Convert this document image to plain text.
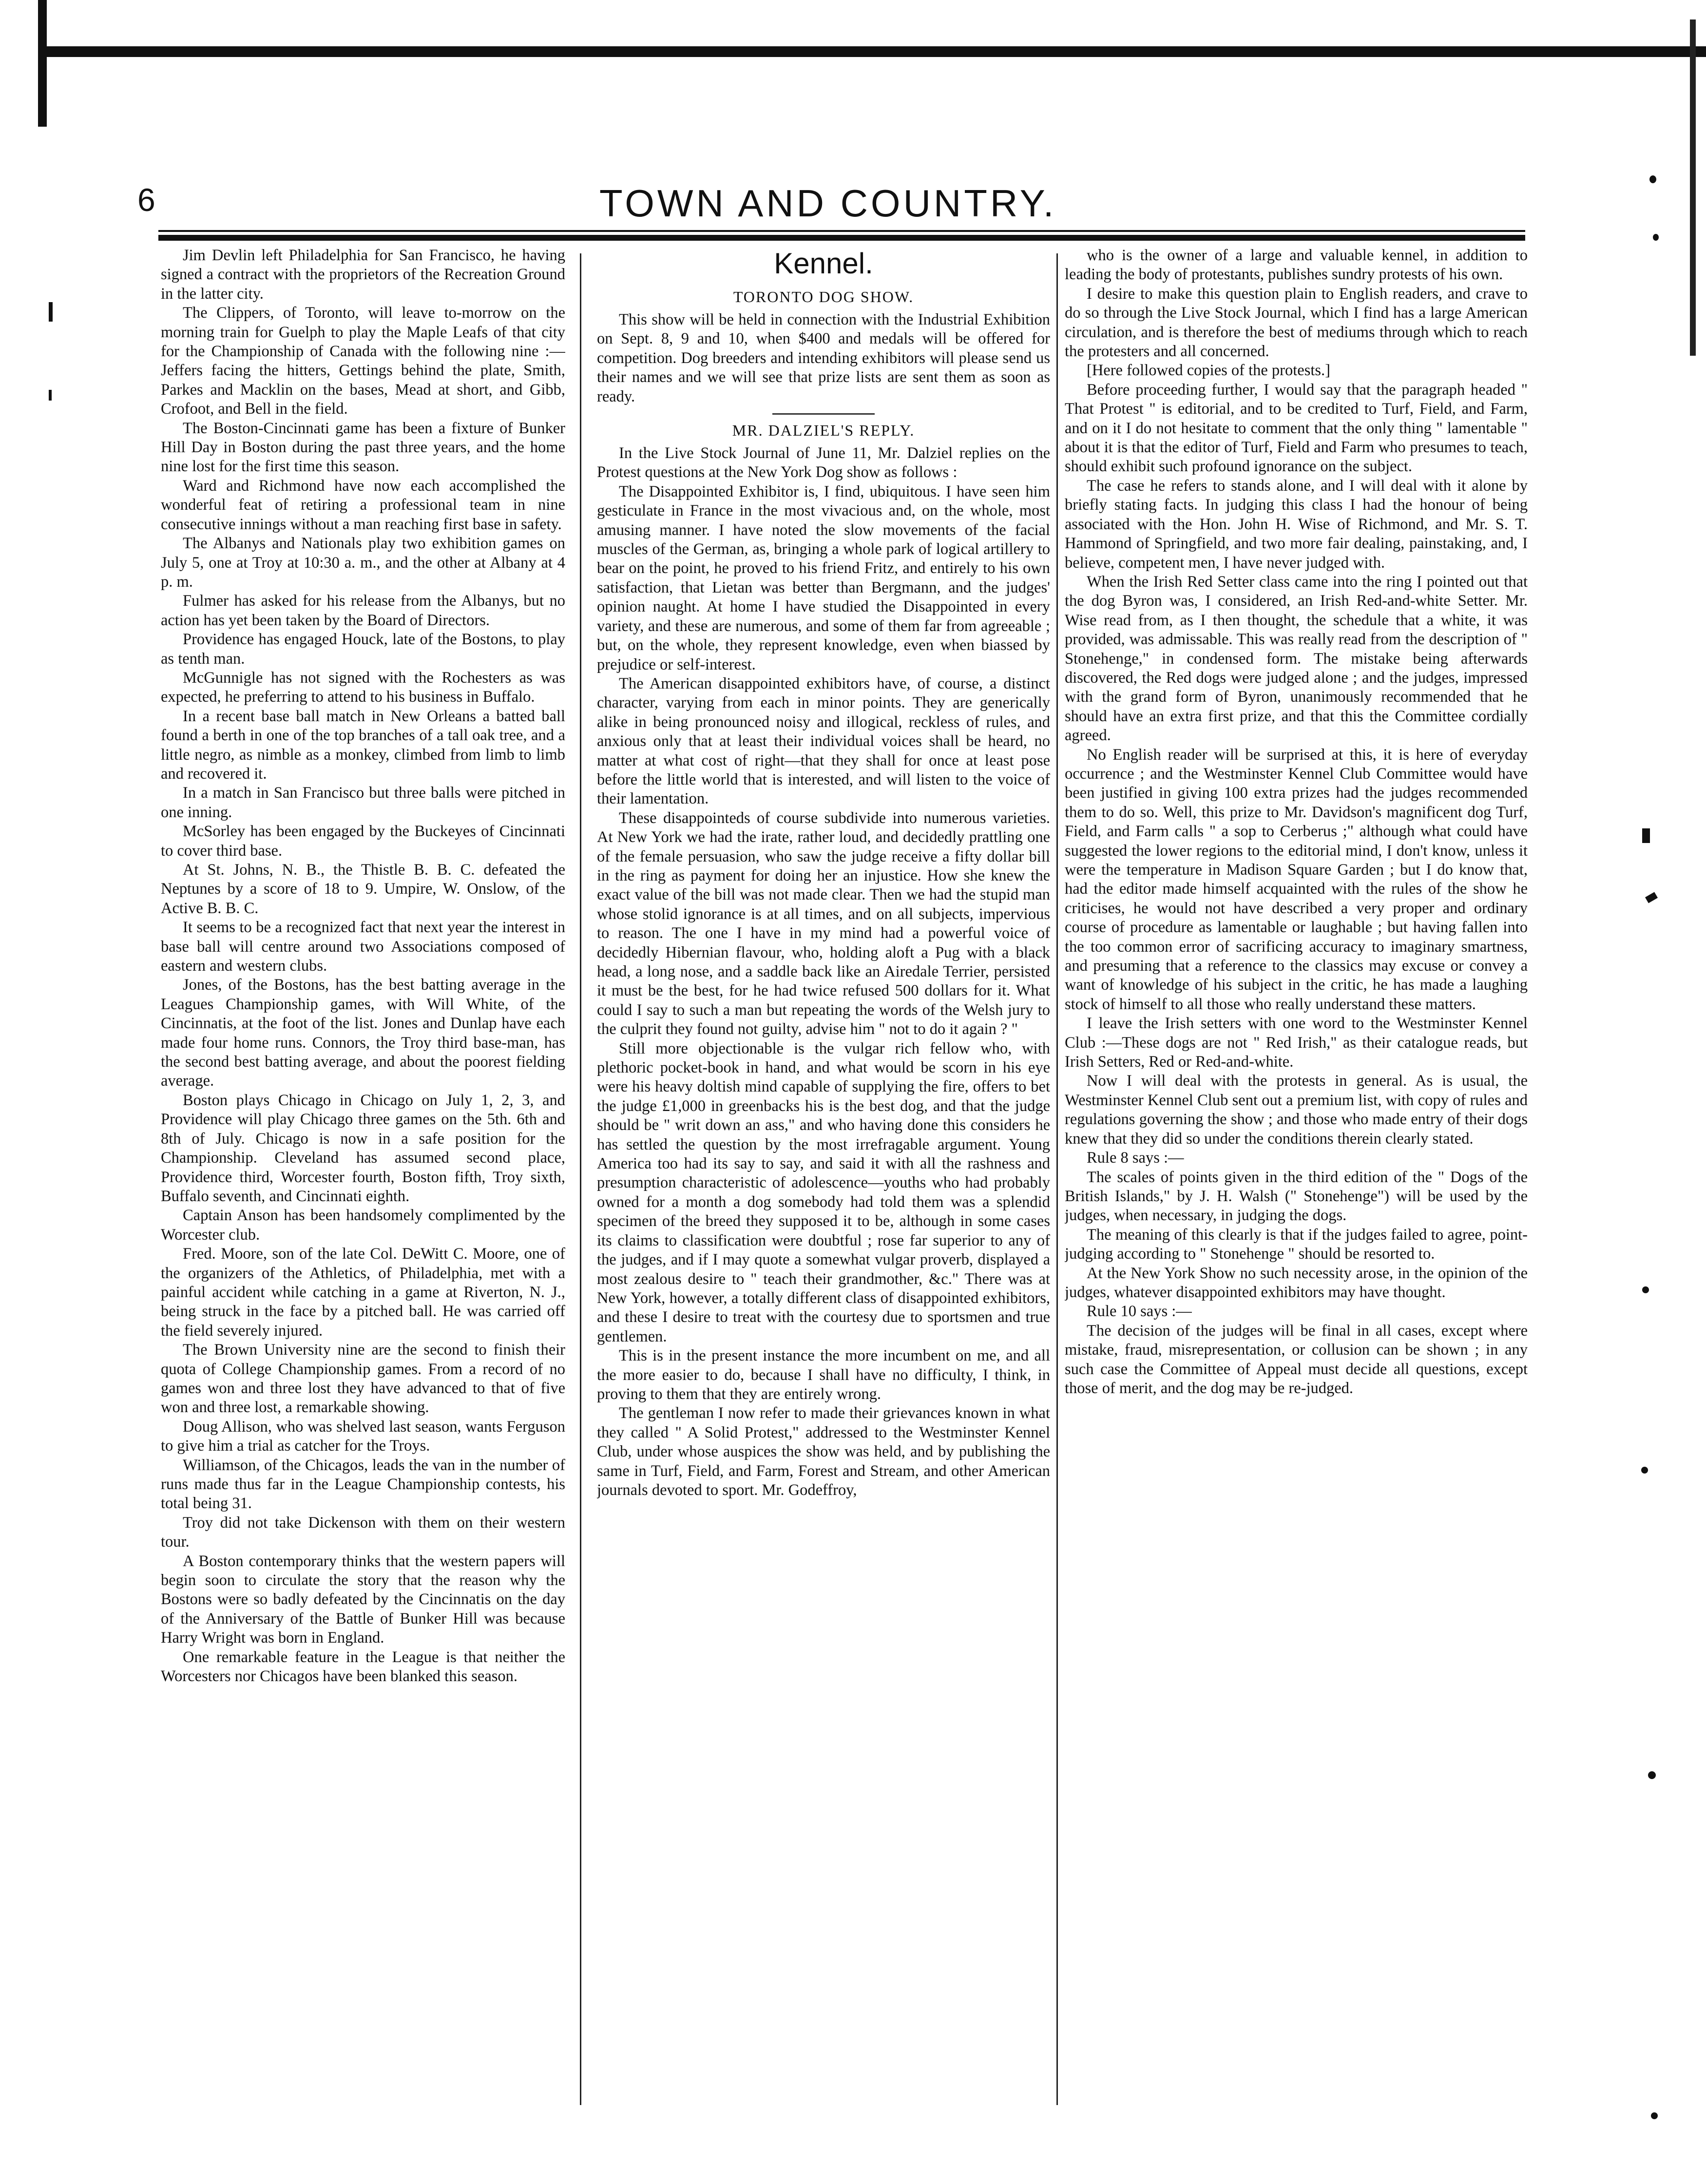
6	TOWN AND COUNTRY.

Jim Devlin left Philadelphia for San Francisco, he having signed a contract with the proprietors of the Recreation Ground in the latter city.

The Clippers, of Toronto, will leave to-morrow on the morning train for Guelph to play the Maple Leafs of that city for the Championship of Canada with the following nine :—Jeffers facing the hitters, Gettings behind the plate, Smith, Parkes and Macklin on the bases, Mead at short, and Gibb, Crofoot, and Bell in the field.

The Boston-Cincinnati game has been a fixture of Bunker Hill Day in Boston during the past three years, and the home nine lost for the first time this season.

Ward and Richmond have now each accomplished the wonderful feat of retiring a professional team in nine consecutive innings without a man reaching first base in safety.

The Albanys and Nationals play two exhibition games on July 5, one at Troy at 10:30 a. m., and the other at Albany at 4 p. m.

Fulmer has asked for his release from the Albanys, but no action has yet been taken by the Board of Directors.

Providence has engaged Houck, late of the Bostons, to play as tenth man.

McGunnigle has not signed with the Rochesters as was expected, he preferring to attend to his business in Buffalo.

In a recent base ball match in New Orleans a batted ball found a berth in one of the top branches of a tall oak tree, and a little negro, as nimble as a monkey, climbed from limb to limb and recovered it.

In a match in San Francisco but three balls were pitched in one inning.

McSorley has been engaged by the Buckeyes of Cincinnati to cover third base.

At St. Johns, N. B., the Thistle B. B. C. defeated the Neptunes by a score of 18 to 9. Umpire, W. Onslow, of the Active B. B. C.

It seems to be a recognized fact that next year the interest in base ball will centre around two Associations composed of eastern and western clubs.

Jones, of the Bostons, has the best batting average in the Leagues Championship games, with Will White, of the Cincinnatis, at the foot of the list. Jones and Dunlap have each made four home runs. Connors, the Troy third base-man, has the second best batting average, and about the poorest fielding average.

Boston plays Chicago in Chicago on July 1, 2, 3, and Providence will play Chicago three games on the 5th. 6th and 8th of July. Chicago is now in a safe position for the Championship. Cleveland has assumed second place, Providence third, Worcester fourth, Boston fifth, Troy sixth, Buffalo seventh, and Cincinnati eighth.

Captain Anson has been handsomely complimented by the Worcester club.

Fred. Moore, son of the late Col. DeWitt C. Moore, one of the organizers of the Athletics, of Philadelphia, met with a painful accident while catching in a game at Riverton, N. J., being struck in the face by a pitched ball. He was carried off the field severely injured.

The Brown University nine are the second to finish their quota of College Championship games. From a record of no games won and three lost they have advanced to that of five won and three lost, a remarkable showing.

Doug Allison, who was shelved last season, wants Ferguson to give him a trial as catcher for the Troys.

Williamson, of the Chicagos, leads the van in the number of runs made thus far in the League Championship contests, his total being 31.

Troy did not take Dickenson with them on their western tour.

A Boston contemporary thinks that the western papers will begin soon to circulate the story that the reason why the Bostons were so badly defeated by the Cincinnatis on the day of the Anniversary of the Battle of Bunker Hill was because Harry Wright was born in England.

One remarkable feature in the League is that neither the Worcesters nor Chicagos have been blanked this season.

Kennel.
TORONTO DOG SHOW.

This show will be held in connection with the Industrial Exhibition on Sept. 8, 9 and 10, when $400 and medals will be offered for competition. Dog breeders and intending exhibitors will please send us their names and we will see that prize lists are sent them as soon as ready.

MR. DALZIEL'S REPLY.

In the Live Stock Journal of June 11, Mr. Dalziel replies on the Protest questions at the New York Dog show as follows :

The Disappointed Exhibitor is, I find, ubiquitous. I have seen him gesticulate in France in the most vivacious and, on the whole, most amusing manner. I have noted the slow movements of the facial muscles of the German, as, bringing a whole park of logical artillery to bear on the point, he proved to his friend Fritz, and entirely to his own satisfaction, that Lietan was better than Bergmann, and the judges' opinion naught. At home I have studied the Disappointed in every variety, and these are numerous, and some of them far from agreeable ; but, on the whole, they represent knowledge, even when biassed by prejudice or self-interest.

The American disappointed exhibitors have, of course, a distinct character, varying from each in minor points. They are generically alike in being pronounced noisy and illogical, reckless of rules, and anxious only that at least their individual voices shall be heard, no matter at what cost of right—that they shall for once at least pose before the little world that is interested, and will listen to the voice of their lamentation.

These disappointeds of course subdivide into numerous varieties. At New York we had the irate, rather loud, and decidedly prattling one of the female persuasion, who saw the judge receive a fifty dollar bill in the ring as payment for doing her an injustice. How she knew the exact value of the bill was not made clear. Then we had the stupid man whose stolid ignorance is at all times, and on all subjects, impervious to reason. The one I have in my mind had a powerful voice of decidedly Hibernian flavour, who, holding aloft a Pug with a black head, a long nose, and a saddle back like an Airedale Terrier, persisted it must be the best, for he had twice refused 500 dollars for it. What could I say to such a man but repeating the words of the Welsh jury to the culprit they found not guilty, advise him " not to do it again ? "

Still more objectionable is the vulgar rich fellow who, with plethoric pocket-book in hand, and what would be scorn in his eye were his heavy doltish mind capable of supplying the fire, offers to bet the judge £1,000 in greenbacks his is the best dog, and that the judge should be " writ down an ass," and who having done this considers he has settled the question by the most irrefragable argument. Young America too had its say to say, and said it with all the rashness and presumption characteristic of adolescence—youths who had probably owned for a month a dog somebody had told them was a splendid specimen of the breed they supposed it to be, although in some cases its claims to classification were doubtful ; rose far superior to any of the judges, and if I may quote a somewhat vulgar proverb, displayed a most zealous desire to " teach their grandmother, &c." There was at New York, however, a totally different class of disappointed exhibitors, and these I desire to treat with the courtesy due to sportsmen and true gentlemen.

This is in the present instance the more incumbent on me, and all the more easier to do, because I shall have no difficulty, I think, in proving to them that they are entirely wrong.

The gentleman I now refer to made their grievances known in what they called " A Solid Protest," addressed to the Westminster Kennel Club, under whose auspices the show was held, and by publishing the same in Turf, Field, and Farm, Forest and Stream, and other American journals devoted to sport. Mr. Godeffroy,

who is the owner of a large and valuable kennel, in addition to leading the body of protestants, publishes sundry protests of his own.

I desire to make this question plain to English readers, and crave to do so through the Live Stock Journal, which I find has a large American circulation, and is therefore the best of mediums through which to reach the protesters and all concerned.

[Here followed copies of the protests.]

Before proceeding further, I would say that the paragraph headed " That Protest " is editorial, and to be credited to Turf, Field, and Farm, and on it I do not hesitate to comment that the only thing " lamentable " about it is that the editor of Turf, Field and Farm who presumes to teach, should exhibit such profound ignorance on the subject.

The case he refers to stands alone, and I will deal with it alone by briefly stating facts. In judging this class I had the honour of being associated with the Hon. John H. Wise of Richmond, and Mr. S. T. Hammond of Springfield, and two more fair dealing, painstaking, and, I believe, competent men, I have never judged with.

When the Irish Red Setter class came into the ring I pointed out that the dog Byron was, I considered, an Irish Red-and-white Setter. Mr. Wise read from, as I then thought, the schedule that a white, it was provided, was admissable. This was really read from the description of " Stonehenge," in condensed form. The mistake being afterwards discovered, the Red dogs were judged alone ; and the judges, impressed with the grand form of Byron, unanimously recommended that he should have an extra first prize, and that this the Committee cordially agreed.

No English reader will be surprised at this, it is here of everyday occurrence ; and the Westminster Kennel Club Committee would have been justified in giving 100 extra prizes had the judges recommended them to do so. Well, this prize to Mr. Davidson's magnificent dog Turf, Field, and Farm calls " a sop to Cerberus ;" although what could have suggested the lower regions to the editorial mind, I don't know, unless it were the temperature in Madison Square Garden ; but I do know that, had the editor made himself acquainted with the rules of the show he criticises, he would not have described a very proper and ordinary course of procedure as lamentable or laughable ; but having fallen into the too common error of sacrificing accuracy to imaginary smartness, and presuming that a reference to the classics may excuse or convey a want of knowledge of his subject in the critic, he has made a laughing stock of himself to all those who really understand these matters.

I leave the Irish setters with one word to the Westminster Kennel Club :—These dogs are not " Red Irish," as their catalogue reads, but Irish Setters, Red or Red-and-white.

Now I will deal with the protests in general. As is usual, the Westminster Kennel Club sent out a premium list, with copy of rules and regulations governing the show ; and those who made entry of their dogs knew that they did so under the conditions therein clearly stated.

Rule 8 says :—

The scales of points given in the third edition of the " Dogs of the British Islands," by J. H. Walsh (" Stonehenge") will be used by the judges, when necessary, in judging the dogs.

The meaning of this clearly is that if the judges failed to agree, point-judging according to " Stonehenge " should be resorted to.

At the New York Show no such necessity arose, in the opinion of the judges, whatever disappointed exhibitors may have thought.

Rule 10 says :—

The decision of the judges will be final in all cases, except where mistake, fraud, misrepresentation, or collusion can be shown ; in any such case the Committee of Appeal must decide all questions, except those of merit, and the dog may be re-judged.
